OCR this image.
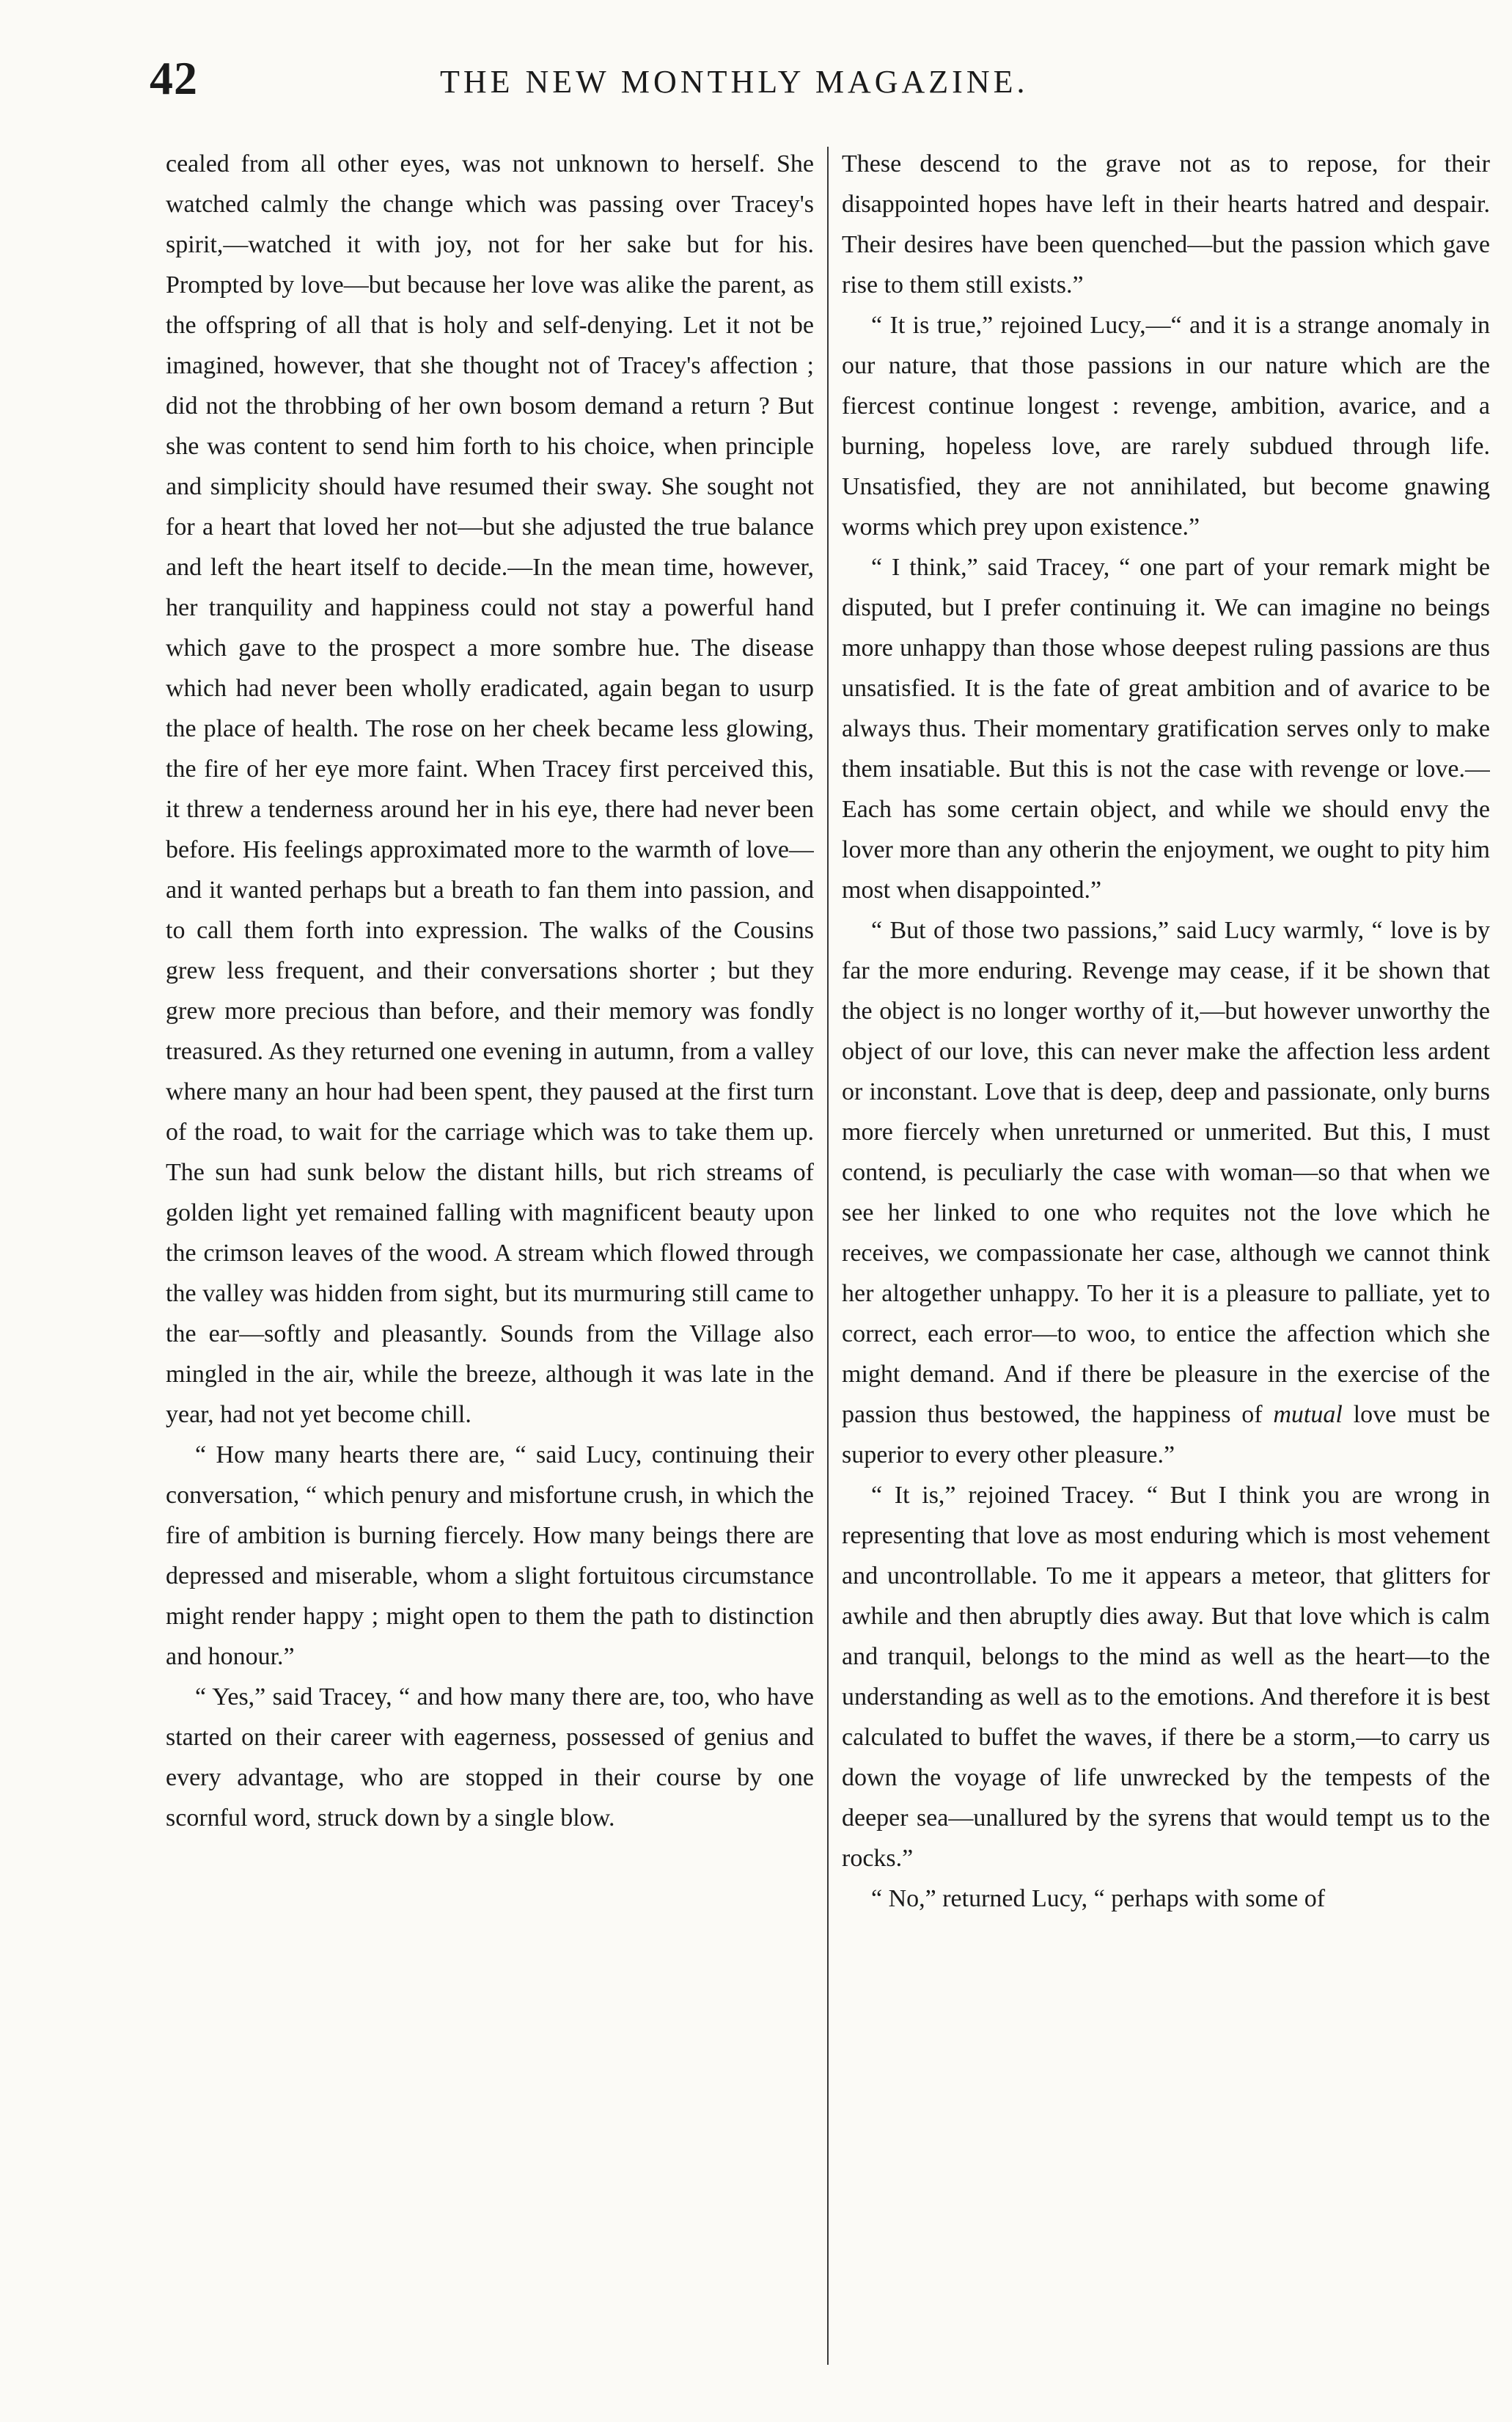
42	THE NEW MONTHLY MAGAZINE.

cealed from all other eyes, was not unknown to herself. She watched calmly the change which was passing over Tracey's spirit,—watched it with joy, not for her sake but for his. Prompted by love—but because her love was alike the parent, as the offspring of all that is holy and self-denying. Let it not be imagined, however, that she thought not of Tracey's affection ; did not the throbbing of her own bosom demand a return ? But she was content to send him forth to his choice, when principle and simplicity should have resumed their sway. She sought not for a heart that loved her not—but she adjusted the true balance and left the heart itself to decide.—In the mean time, however, her tranquility and happiness could not stay a powerful hand which gave to the prospect a more sombre hue. The disease which had never been wholly eradicated, again began to usurp the place of health. The rose on her cheek became less glowing, the fire of her eye more faint. When Tracey first perceived this, it threw a tenderness around her in his eye, there had never been before. His feelings approximated more to the warmth of love—and it wanted perhaps but a breath to fan them into passion, and to call them forth into expression. The walks of the Cousins grew less frequent, and their conversations shorter ; but they grew more precious than before, and their memory was fondly treasured. As they returned one evening in autumn, from a valley where many an hour had been spent, they paused at the first turn of the road, to wait for the carriage which was to take them up. The sun had sunk below the distant hills, but rich streams of golden light yet remained falling with magnificent beauty upon the crimson leaves of the wood. A stream which flowed through the valley was hidden from sight, but its murmuring still came to the ear—softly and pleasantly. Sounds from the Village also mingled in the air, while the breeze, although it was late in the year, had not yet become chill.

“ How many hearts there are, “ said Lucy, continuing their conversation, “ which penury and misfortune crush, in which the fire of ambition is burning fiercely. How many beings there are depressed and miserable, whom a slight fortuitous circumstance might render happy ; might open to them the path to distinction and honour.”

“ Yes,” said Tracey, “ and how many there are, too, who have started on their career with eagerness, possessed of genius and every advantage, who are stopped in their course by one scornful word, struck down by a single blow.

These descend to the grave not as to repose, for their disappointed hopes have left in their hearts hatred and despair. Their desires have been quenched—but the passion which gave rise to them still exists.”

“ It is true,” rejoined Lucy,—“ and it is a strange anomaly in our nature, that those passions in our nature which are the fiercest continue longest : revenge, ambition, avarice, and a burning, hopeless love, are rarely subdued through life. Unsatisfied, they are not annihilated, but become gnawing worms which prey upon existence.”

“ I think,” said Tracey, “ one part of your remark might be disputed, but I prefer continuing it. We can imagine no beings more unhappy than those whose deepest ruling passions are thus unsatisfied. It is the fate of great ambition and of avarice to be always thus. Their momentary gratification serves only to make them insatiable. But this is not the case with revenge or love.—Each has some certain object, and while we should envy the lover more than any otherin the enjoyment, we ought to pity him most when disappointed.”

“ But of those two passions,” said Lucy warmly, “ love is by far the more enduring. Revenge may cease, if it be shown that the object is no longer worthy of it,—but however unworthy the object of our love, this can never make the affection less ardent or inconstant. Love that is deep, deep and passionate, only burns more fiercely when unreturned or unmerited. But this, I must contend, is peculiarly the case with woman—so that when we see her linked to one who requites not the love which he receives, we compassionate her case, although we cannot think her altogether unhappy. To her it is a pleasure to palliate, yet to correct, each error—to woo, to entice the affection which she might demand. And if there be pleasure in the exercise of the passion thus bestowed, the happiness of mutual love must be superior to every other pleasure.”

“ It is,” rejoined Tracey. “ But I think you are wrong in representing that love as most enduring which is most vehement and uncontrollable. To me it appears a meteor, that glitters for awhile and then abruptly dies away. But that love which is calm and tranquil, belongs to the mind as well as the heart—to the understanding as well as to the emotions. And therefore it is best calculated to buffet the waves, if there be a storm,—to carry us down the voyage of life unwrecked by the tempests of the deeper sea—unallured by the syrens that would tempt us to the rocks.”

“ No,” returned Lucy, “ perhaps with some of
